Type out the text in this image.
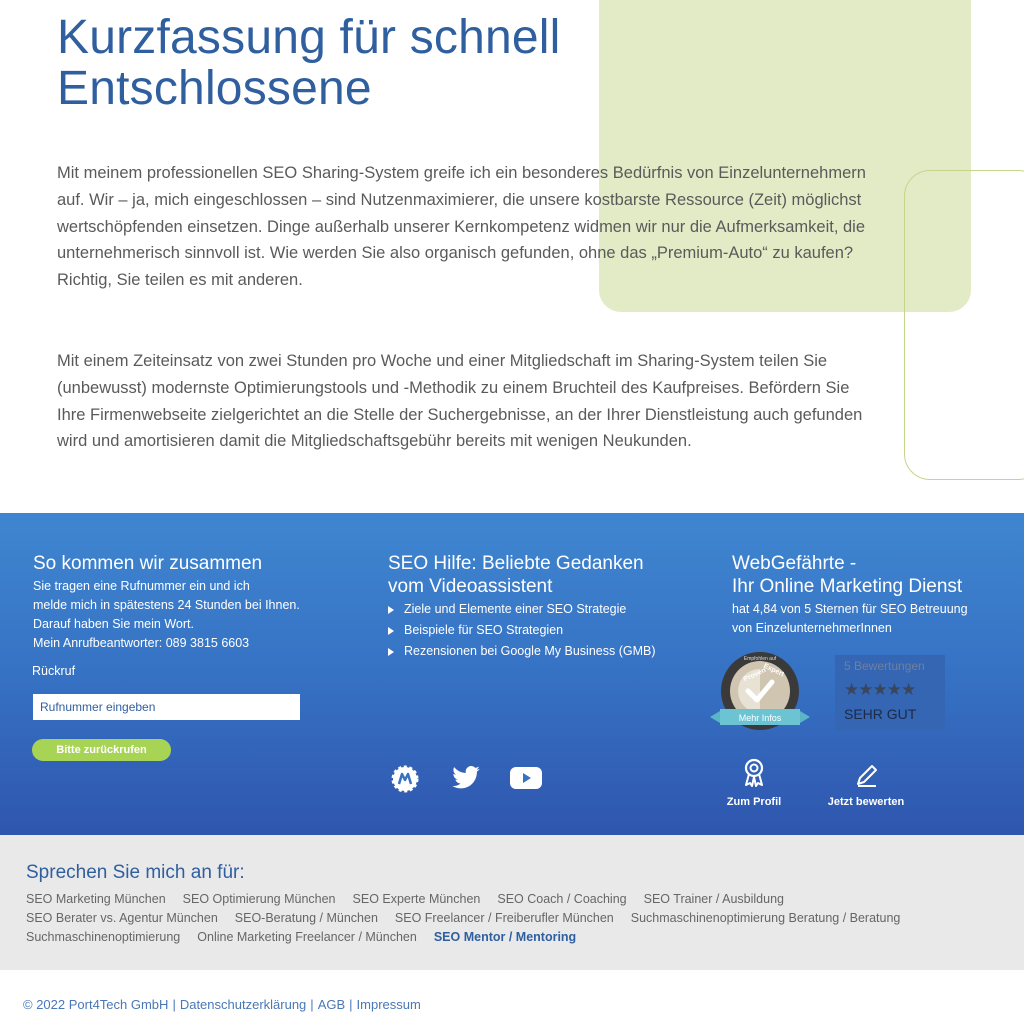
Kurzfassung für schnell
Entschlossene

Mit meinem professionellen SEO Sharing-System greife ich ein besonderes Bedürfnis von Einzelunternehmern auf. Wir – ja, mich eingeschlossen – sind Nutzenmaximierer, die unsere kostbarste Ressource (Zeit) möglichst wertschöpfenden einsetzen. Dinge außerhalb unserer Kernkompetenz widmen wir nur die Aufmerksamkeit, die unternehmerisch sinnvoll ist. Wie werden Sie also organisch gefunden, ohne das „Premium-Auto“ zu kaufen? Richtig, Sie teilen es mit anderen.

Mit einem Zeiteinsatz von zwei Stunden pro Woche und einer Mitgliedschaft im Sharing-System teilen Sie (unbewusst) modernste Optimierungstools und -Methodik zu einem Bruchteil des Kaufpreises. Befördern Sie Ihre Firmenwebseite zielgerichtet an die Stelle der Suchergebnisse, an der Ihrer Dienstleistung auch gefunden wird und amortisieren damit die Mitgliedschaftsgebühr bereits mit wenigen Neukunden.

So kommen wir zusammen
Sie tragen eine Rufnummer ein und ich
melde mich in spätestens 24 Stunden bei Ihnen.
Darauf haben Sie mein Wort.
Mein Anrufbeantworter: 089 3815 6603
Rückruf
Rufnummer eingeben
Bitte zurückrufen
SEO Hilfe: Beliebte Gedanken
vom Videoassistent
Ziele und Elemente einer SEO Strategie
Beispiele für SEO Strategien
Rezensionen bei Google My Business (GMB)
WebGefährte -
Ihr Online Marketing Dienst
hat 4,84 von 5 Sternen für SEO Betreuung
von EinzelunternehmerInnen
Empfohlen auf
Proven
Expert
Mehr Infos
5 Bewertungen
★★★★★
SEHR GUT
Zum Profil	Jetzt bewerten
Sprechen Sie mich an für:
SEO Marketing München SEO Optimierung München SEO Experte München SEO Coach / Coaching SEO Trainer / Ausbildung
SEO Berater vs. Agentur München SEO-Beratung / München SEO Freelancer / Freiberufler München Suchmaschinenoptimierung Beratung / Beratung
Suchmaschinenoptimierung Online Marketing Freelancer / München SEO Mentor / Mentoring
© 2022 Port4Tech GmbH | Datenschutzerklärung | AGB | Impressum
